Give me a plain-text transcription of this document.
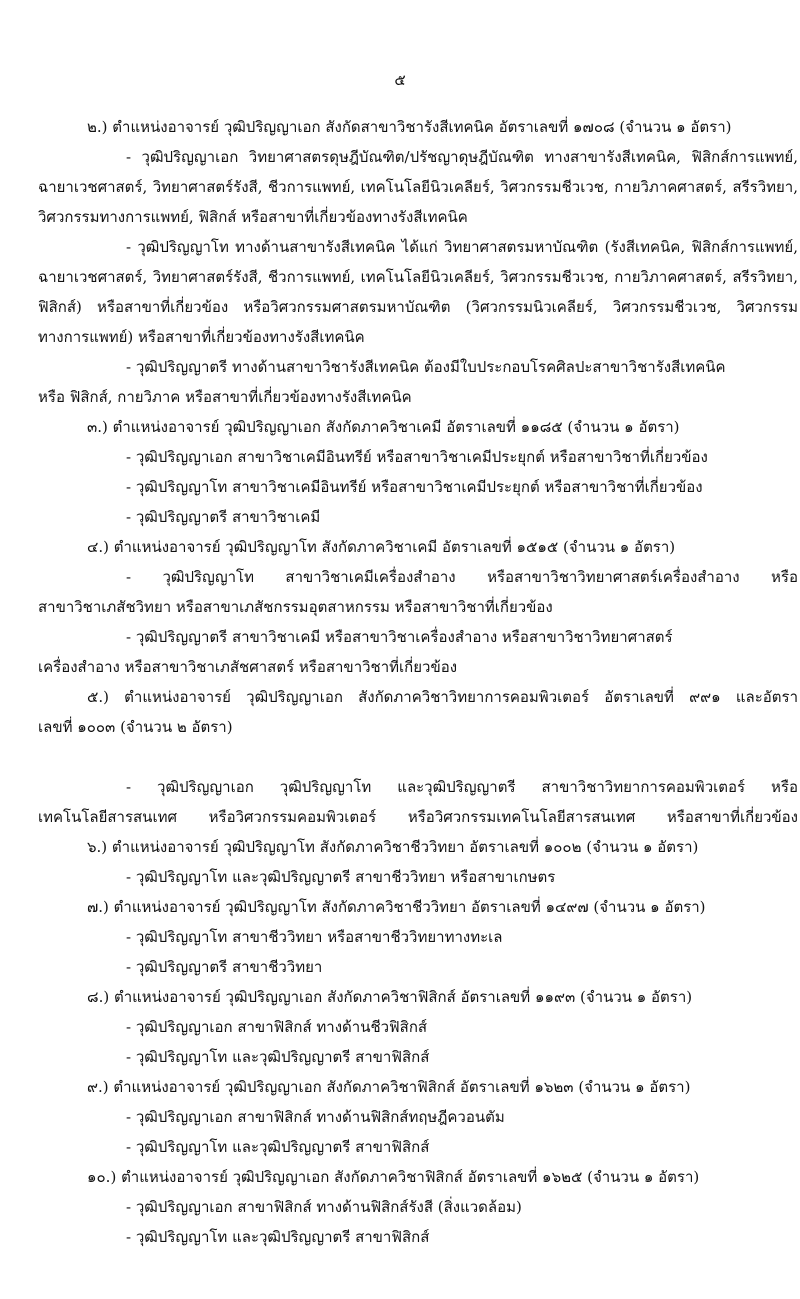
๕
๒.) ตำแหน่งอาจารย์ วุฒิปริญญาเอก สังกัดสาขาวิชารังสีเทคนิค อัตราเลขที่ ๑๗๐๘ (จำนวน ๑ อัตรา)
- วุฒิปริญญาเอก วิทยาศาสตรดุษฎีบัณฑิต/ปรัชญาดุษฎีบัณฑิต ทางสาขารังสีเทคนิค, ฟิสิกส์การแพทย์,
ฉายาเวชศาสตร์, วิทยาศาสตร์รังสี, ชีวการแพทย์, เทคโนโลยีนิวเคลียร์, วิศวกรรมชีวเวช, กายวิภาคศาสตร์, สรีรวิทยา,
วิศวกรรมทางการแพทย์, ฟิสิกส์ หรือสาขาที่เกี่ยวข้องทางรังสีเทคนิค
- วุฒิปริญญาโท ทางด้านสาขารังสีเทคนิค ได้แก่ วิทยาศาสตรมหาบัณฑิต (รังสีเทคนิค, ฟิสิกส์การแพทย์,
ฉายาเวชศาสตร์, วิทยาศาสตร์รังสี, ชีวการแพทย์, เทคโนโลยีนิวเคลียร์, วิศวกรรมชีวเวช, กายวิภาคศาสตร์, สรีรวิทยา,
ฟิสิกส์) หรือสาขาที่เกี่ยวข้อง หรือวิศวกรรมศาสตรมหาบัณฑิต (วิศวกรรมนิวเคลียร์, วิศวกรรมชีวเวช, วิศวกรรม
ทางการแพทย์) หรือสาขาที่เกี่ยวข้องทางรังสีเทคนิค
- วุฒิปริญญาตรี ทางด้านสาขาวิชารังสีเทคนิค ต้องมีใบประกอบโรคศิลปะสาขาวิชารังสีเทคนิค
หรือ ฟิสิกส์, กายวิภาค หรือสาขาที่เกี่ยวข้องทางรังสีเทคนิค
๓.) ตำแหน่งอาจารย์ วุฒิปริญญาเอก สังกัดภาควิชาเคมี อัตราเลขที่ ๑๑๘๕ (จำนวน ๑ อัตรา)
- วุฒิปริญญาเอก สาขาวิชาเคมีอินทรีย์ หรือสาขาวิชาเคมีประยุกต์ หรือสาขาวิชาที่เกี่ยวข้อง
- วุฒิปริญญาโท สาขาวิชาเคมีอินทรีย์ หรือสาขาวิชาเคมีประยุกต์ หรือสาขาวิชาที่เกี่ยวข้อง
- วุฒิปริญญาตรี สาขาวิชาเคมี
๔.) ตำแหน่งอาจารย์ วุฒิปริญญาโท สังกัดภาควิชาเคมี อัตราเลขที่ ๑๕๑๕ (จำนวน ๑ อัตรา)
- วุฒิปริญญาโท สาขาวิชาเคมีเครื่องสำอาง หรือสาขาวิชาวิทยาศาสตร์เครื่องสำอาง หรือ
สาขาวิชาเภสัชวิทยา หรือสาขาเภสัชกรรมอุตสาหกรรม หรือสาขาวิชาที่เกี่ยวข้อง
- วุฒิปริญญาตรี สาขาวิชาเคมี หรือสาขาวิชาเครื่องสำอาง หรือสาขาวิชาวิทยาศาสตร์
เครื่องสำอาง หรือสาขาวิชาเภสัชศาสตร์ หรือสาขาวิชาที่เกี่ยวข้อง
๕.) ตำแหน่งอาจารย์ วุฒิปริญญาเอก สังกัดภาควิชาวิทยาการคอมพิวเตอร์ อัตราเลขที่ ๙๙๑ และอัตรา
เลขที่ ๑๐๐๓ (จำนวน ๒ อัตรา)
- วุฒิปริญญาเอก วุฒิปริญญาโท และวุฒิปริญญาตรี สาขาวิชาวิทยาการคอมพิวเตอร์ หรือ
เทคโนโลยีสารสนเทศ หรือวิศวกรรมคอมพิวเตอร์ หรือวิศวกรรมเทคโนโลยีสารสนเทศ หรือสาขาที่เกี่ยวข้อง
๖.) ตำแหน่งอาจารย์ วุฒิปริญญาโท สังกัดภาควิชาชีววิทยา อัตราเลขที่ ๑๐๐๒ (จำนวน ๑ อัตรา)
- วุฒิปริญญาโท และวุฒิปริญญาตรี สาขาชีววิทยา หรือสาขาเกษตร
๗.) ตำแหน่งอาจารย์ วุฒิปริญญาโท สังกัดภาควิชาชีววิทยา อัตราเลขที่ ๑๔๙๗ (จำนวน ๑ อัตรา)
- วุฒิปริญญาโท สาขาชีววิทยา หรือสาขาชีววิทยาทางทะเล
- วุฒิปริญญาตรี สาขาชีววิทยา
๘.) ตำแหน่งอาจารย์ วุฒิปริญญาเอก สังกัดภาควิชาฟิสิกส์ อัตราเลขที่ ๑๑๙๓ (จำนวน ๑ อัตรา)
- วุฒิปริญญาเอก สาขาฟิสิกส์ ทางด้านชีวฟิสิกส์
- วุฒิปริญญาโท และวุฒิปริญญาตรี สาขาฟิสิกส์
๙.) ตำแหน่งอาจารย์ วุฒิปริญญาเอก สังกัดภาควิชาฟิสิกส์ อัตราเลขที่ ๑๖๒๓ (จำนวน ๑ อัตรา)
- วุฒิปริญญาเอก สาขาฟิสิกส์ ทางด้านฟิสิกส์ทฤษฎีควอนตัม
- วุฒิปริญญาโท และวุฒิปริญญาตรี สาขาฟิสิกส์
๑๐.) ตำแหน่งอาจารย์ วุฒิปริญญาเอก สังกัดภาควิชาฟิสิกส์ อัตราเลขที่ ๑๖๒๕ (จำนวน ๑ อัตรา)
- วุฒิปริญญาเอก สาขาฟิสิกส์ ทางด้านฟิสิกส์รังสี (สิ่งแวดล้อม)
- วุฒิปริญญาโท และวุฒิปริญญาตรี สาขาฟิสิกส์
